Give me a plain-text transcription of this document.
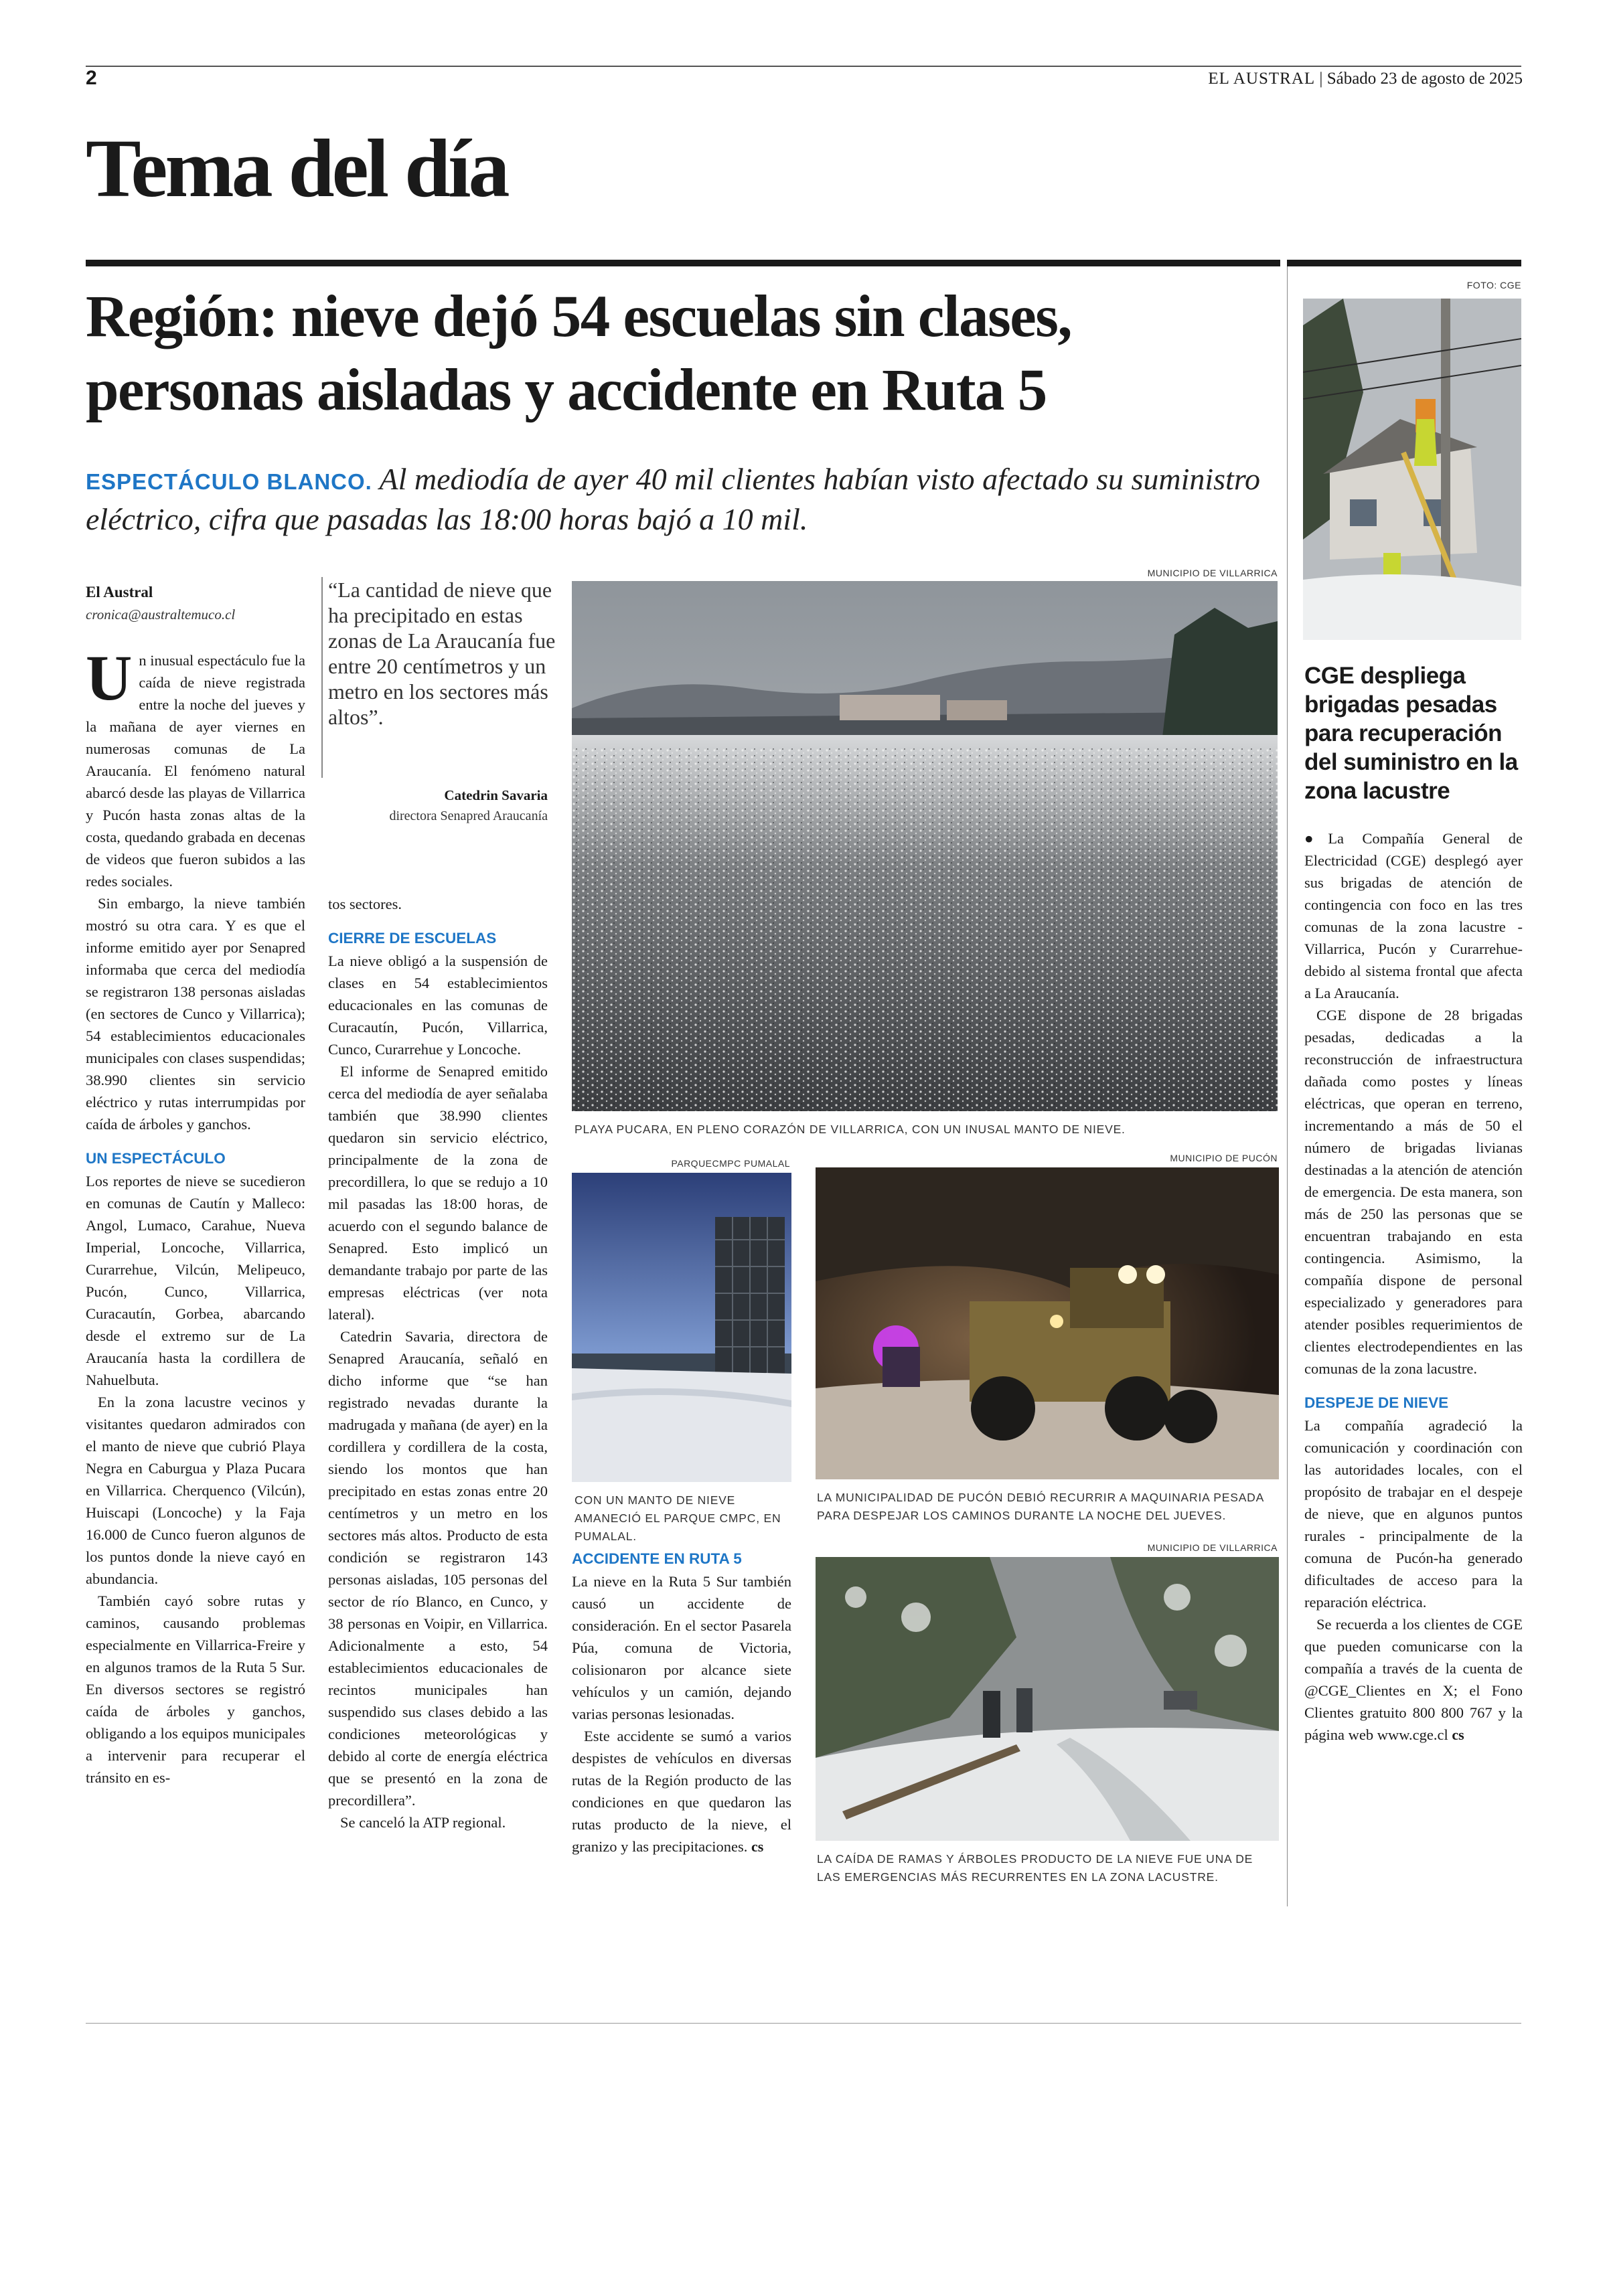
2	EL AUSTRAL | Sábado 23 de agosto de 2025
Tema del día
Región: nieve dejó 54 escuelas sin clases, personas aisladas y accidente en Ruta 5
ESPECTÁCULO BLANCO. Al mediodía de ayer 40 mil clientes habían visto afectado su suministro eléctrico, cifra que pasadas las 18:00 horas bajó a 10 mil.
El Austral
cronica@australtemuco.cl

Un inusual espectáculo fue la caída de nieve registrada entre la noche del jueves y la mañana de ayer viernes en numerosas comunas de La Araucanía. El fenómeno natural abarcó desde las playas de Villarrica y Pucón hasta zonas altas de la costa, quedando grabada en decenas de videos que fueron subidos a las redes sociales.

Sin embargo, la nieve también mostró su otra cara. Y es que el informe emitido ayer por Senapred informaba que cerca del mediodía se registraron 138 personas aisladas (en sectores de Cunco y Villarrica); 54 establecimientos educacionales municipales con clases suspendidas; 38.990 clientes sin servicio eléctrico y rutas interrumpidas por caída de árboles y ganchos.

UN ESPECTÁCULO

Los reportes de nieve se sucedieron en comunas de Cautín y Malleco: Angol, Lumaco, Carahue, Nueva Imperial, Loncoche, Villarrica, Curarrehue, Vilcún, Melipeuco, Pucón, Cunco, Villarrica, Curacautín, Gorbea, abarcando desde el extremo sur de La Araucanía hasta la cordillera de Nahuelbuta.

En la zona lacustre vecinos y visitantes quedaron admirados con el manto de nieve que cubrió Playa Negra en Caburgua y Plaza Pucara en Villarrica. Cherquenco (Vilcún), Huiscapi (Loncoche) y la Faja 16.000 de Cunco fueron algunos de los puntos donde la nieve cayó en abundancia.

También cayó sobre rutas y caminos, causando problemas especialmente en Villarrica-Freire y en algunos tramos de la Ruta 5 Sur. En diversos sectores se registró caída de árboles y ganchos, obligando a los equipos municipales a intervenir para recuperar el tránsito en es-

“La cantidad de nieve que ha precipitado en estas zonas de La Araucanía fue entre 20 centímetros y un metro en los sectores más altos”.
Catedrin Savaria
directora Senapred Araucanía

tos sectores.

CIERRE DE ESCUELAS

La nieve obligó a la suspensión de clases en 54 establecimientos educacionales en las comunas de Curacautín, Pucón, Villarrica, Cunco, Curarrehue y Loncoche.

El informe de Senapred emitido cerca del mediodía de ayer señalaba también que 38.990 clientes quedaron sin servicio eléctrico, principalmente de la zona de precordillera, lo que se redujo a 10 mil pasadas las 18:00 horas, de acuerdo con el segundo balance de Senapred. Esto implicó un demandante trabajo por parte de las empresas eléctricas (ver nota lateral).

Catedrin Savaria, directora de Senapred Araucanía, señaló en dicho informe que “se han registrado nevadas durante la madrugada y mañana (de ayer) en la cordillera y cordillera de la costa, siendo los montos que han precipitado en estas zonas entre 20 centímetros y un metro en los sectores más altos. Producto de esta condición se registraron 143 personas aisladas, 105 personas del sector de río Blanco, en Cunco, y 38 personas en Voipir, en Villarrica. Adicionalmente a esto, 54 establecimientos educacionales de recintos municipales han suspendido sus clases debido a las condiciones meteorológicas y debido al corte de energía eléctrica que se presentó en la zona de precordillera”.

Se canceló la ATP regional.

MUNICIPIO DE VILLARRICA
PLAYA PUCARA, EN PLENO CORAZÓN DE VILLARRICA, CON UN INUSAL MANTO DE NIEVE.
PARQUECMPC PUMALAL
CON UN MANTO DE NIEVE AMANECIÓ EL PARQUE CMPC, EN PUMALAL.
MUNICIPIO DE PUCÓN
LA MUNICIPALIDAD DE PUCÓN DEBIÓ RECURRIR A MAQUINARIA PESADA PARA DESPEJAR LOS CAMINOS DURANTE LA NOCHE DEL JUEVES.
MUNICIPIO DE VILLARRICA
LA CAÍDA DE RAMAS Y ÁRBOLES PRODUCTO DE LA NIEVE FUE UNA DE LAS EMERGENCIAS MÁS RECURRENTES EN LA ZONA LACUSTRE.
ACCIDENTE EN RUTA 5

La nieve en la Ruta 5 Sur también causó un accidente de consideración. En el sector Pasarela Púa, comuna de Victoria, colisionaron por alcance siete vehículos y un camión, dejando varias personas lesionadas.

Este accidente se sumó a varios despistes de vehículos en diversas rutas de la Región producto de las condiciones en que quedaron las rutas producto de la nieve, el granizo y las precipitaciones. cs

FOTO: CGE
CGE despliega brigadas pesadas para recuperación del suministro en la zona lacustre

●La Compañía General de Electricidad (CGE) desplegó ayer sus brigadas de atención de contingencia con foco en las tres comunas de la zona lacustre -Villarrica, Pucón y Curarrehue- debido al sistema frontal que afecta a La Araucanía.

CGE dispone de 28 brigadas pesadas, dedicadas a la reconstrucción de infraestructura dañada como postes y líneas eléctricas, que operan en terreno, incrementando a más de 50 el número de brigadas livianas destinadas a la atención de atención de emergencia. De esta manera, son más de 250 las personas que se encuentran trabajando en esta contingencia. Asimismo, la compañía dispone de personal especializado y generadores para atender posibles requerimientos de clientes electrodependientes en las comunas de la zona lacustre.

DESPEJE DE NIEVE

La compañía agradeció la comunicación y coordinación con las autoridades locales, con el propósito de trabajar en el despeje de nieve, que en algunos puntos rurales - principalmente de la comuna de Pucón-ha generado dificultades de acceso para la reparación eléctrica.

Se recuerda a los clientes de CGE que pueden comunicarse con la compañía a través de la cuenta de @CGE_Clientes en X; el Fono Clientes gratuito 800 800 767 y la página web www.cge.cl cs
